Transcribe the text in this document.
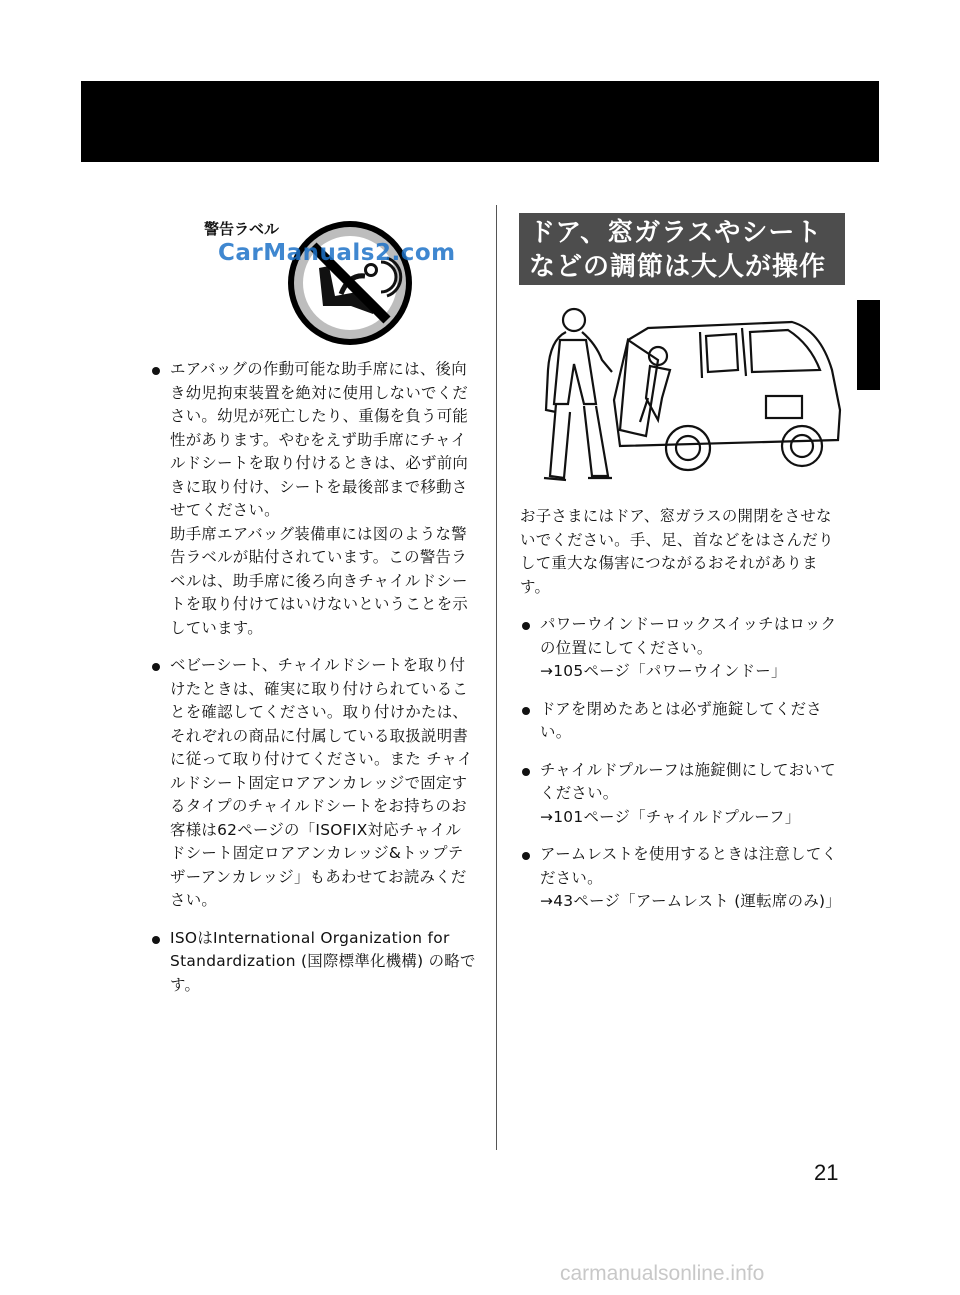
警告ラベル
CarManuals2.com

エアバッグの作動可能な助手席には、後向き幼児拘束装置を絶対に使用しないでください。幼児が死亡したり、重傷を負う可能性があります。やむをえず助手席にチャイルドシートを取り付けるときは、必ず前向きに取り付け、シートを最後部まで移動させてください。

助手席エアバッグ装備車には図のような警告ラベルが貼付されています。この警告ラベルは、助手席に後ろ向きチャイルドシートを取り付けてはいけないということを示しています。

ベビーシート、チャイルドシートを取り付けたときは、確実に取り付けられていることを確認してください。取り付けかたは、それぞれの商品に付属している取扱説明書に従って取り付けてください。また チャイルドシート固定ロアアンカレッジで固定するタイプのチャイルドシートをお持ちのお客様は62ページの「ISOFIX対応チャイルドシート固定ロアアンカレッジ&トップテザーアンカレッジ」もあわせてお読みください。

ISOはInternational Organization for Standardization (国際標準化機構) の略です。

ドア、窓ガラスやシートなどの調節は大人が操作する

お子さまにはドア、窓ガラスの開閉をさせないでください。手、足、首などをはさんだりして重大な傷害につながるおそれがあります。

パワーウインドーロックスイッチはロックの位置にしてください。

→105ページ「パワーウインドー」

ドアを閉めたあとは必ず施錠してください。

チャイルドプルーフは施錠側にしておいてください。

→101ページ「チャイルドプルーフ」

アームレストを使用するときは注意してください。

→43ページ「アームレスト (運転席のみ)」
21
carmanualsonline.info
